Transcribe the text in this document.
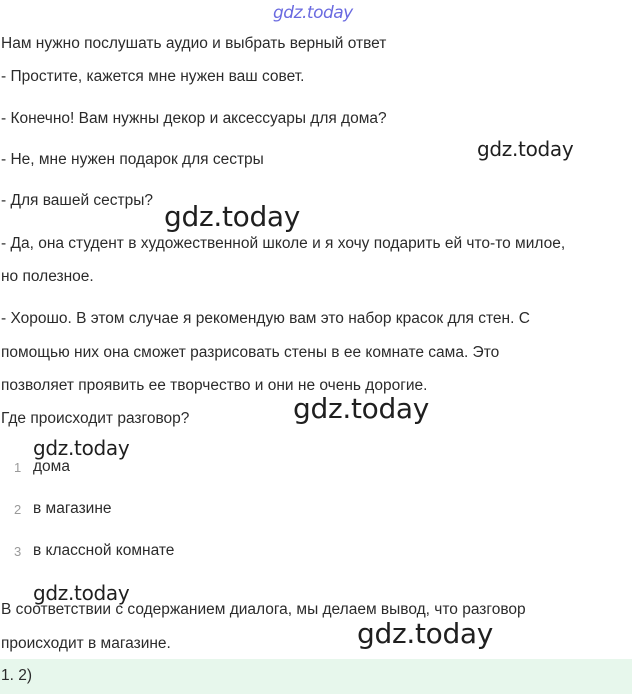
gdz.today
Нам нужно послушать аудио и выбрать верный ответ
- Простите, кажется мне нужен ваш совет.
- Конечно! Вам нужны декор и аксессуары для дома?
- Не, мне нужен подарок для сестры
- Для вашей сестры?
- Да, она студент в художественной школе и я хочу подарить ей что-то милое,
но полезное.
- Хорошо. В этом случае я рекомендую вам это набор красок для стен. С
помощью них она сможет разрисовать стены в ее комнате сама. Это
позволяет проявить ее творчество и они не очень дорогие.
Где происходит разговор?
1 дома
2 в магазине
3 в классной комнате
В соответствии с содержанием диалога, мы делаем вывод, что разговор
происходит в магазине.
1. 2)
gdz.today
gdz.today
gdz.today
gdz.today
gdz.today
gdz.today
